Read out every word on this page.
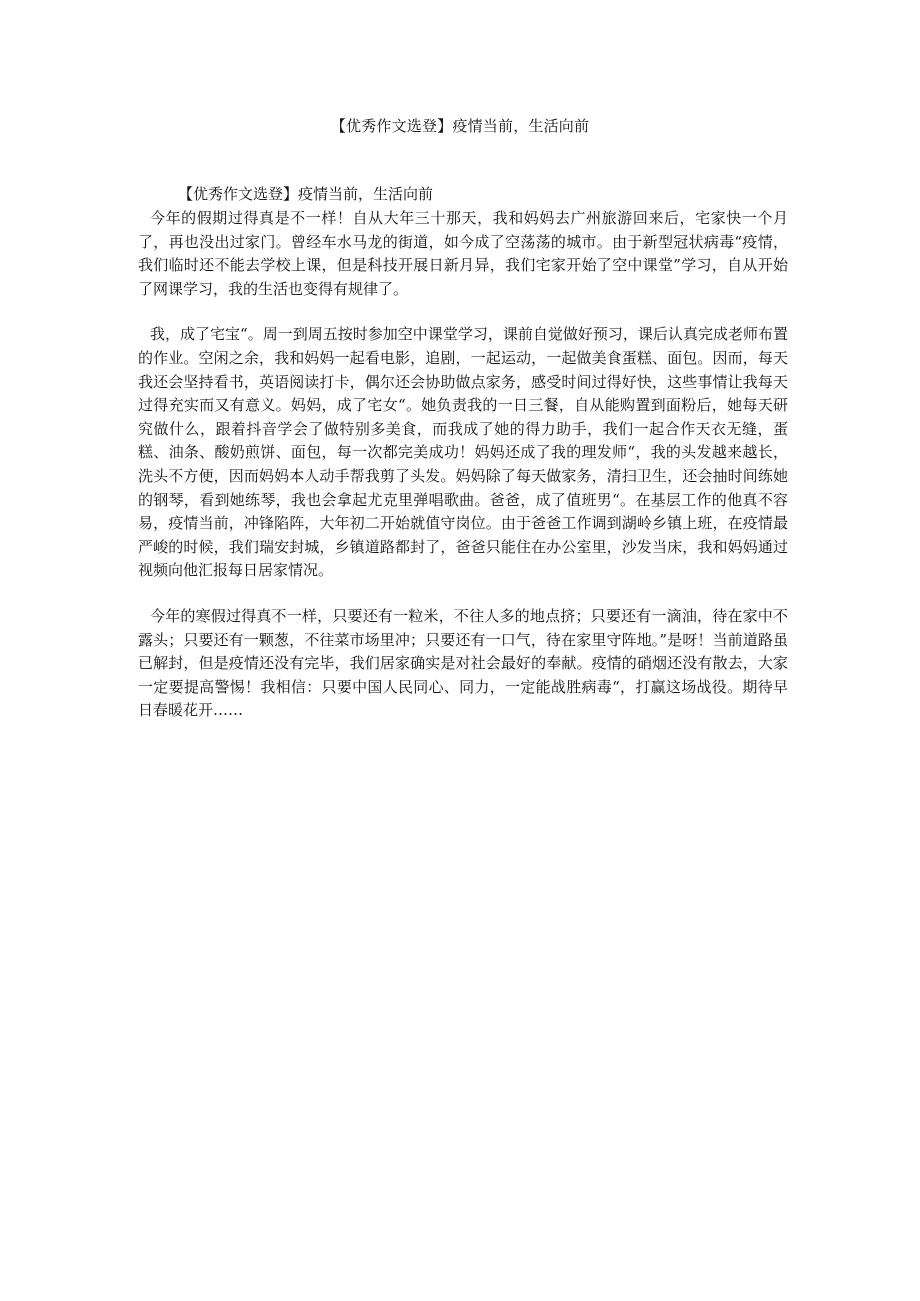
【优秀作文选登】疫情当前，生活向前
【优秀作文选登】疫情当前，生活向前

今年的假期过得真是不一样！自从大年三十那天，我和妈妈去广州旅游回来后，宅家快一个月了，再也没出过家门。曾经车水马龙的街道，如今成了空荡荡的城市。由于新型冠状病毒“疫情，我们临时还不能去学校上课，但是科技开展日新月异，我们宅家开始了空中课堂”学习，自从开始了网课学习，我的生活也变得有规律了。

我，成了宅宝“。周一到周五按时参加空中课堂学习，课前自觉做好预习，课后认真完成老师布置的作业。空闲之余，我和妈妈一起看电影，追剧，一起运动，一起做美食蛋糕、面包。因而，每天我还会坚持看书，英语阅读打卡，偶尔还会协助做点家务，感受时间过得好快，这些事情让我每天过得充实而又有意义。妈妈，成了宅女“。她负责我的一日三餐，自从能购置到面粉后，她每天研究做什么，跟着抖音学会了做特别多美食，而我成了她的得力助手，我们一起合作天衣无缝，蛋糕、油条、酸奶煎饼、面包，每一次都完美成功！妈妈还成了我的理发师“，我的头发越来越长，洗头不方便，因而妈妈本人动手帮我剪了头发。妈妈除了每天做家务，清扫卫生，还会抽时间练她的钢琴，看到她练琴，我也会拿起尤克里弹唱歌曲。爸爸，成了值班男“。在基层工作的他真不容易，疫情当前，冲锋陷阵，大年初二开始就值守岗位。由于爸爸工作调到湖岭乡镇上班，在疫情最严峻的时候，我们瑞安封城，乡镇道路都封了，爸爸只能住在办公室里，沙发当床，我和妈妈通过视频向他汇报每日居家情况。

今年的寒假过得真不一样，只要还有一粒米，不往人多的地点挤；只要还有一滴油，待在家中不露头；只要还有一颗葱，不往菜市场里冲；只要还有一口气，待在家里守阵地。”是呀！当前道路虽已解封，但是疫情还没有完毕，我们居家确实是对社会最好的奉献。疫情的硝烟还没有散去，大家一定要提高警惕！我相信：只要中国人民同心、同力，一定能战胜病毒“，打赢这场战役。期待早日春暖花开……
